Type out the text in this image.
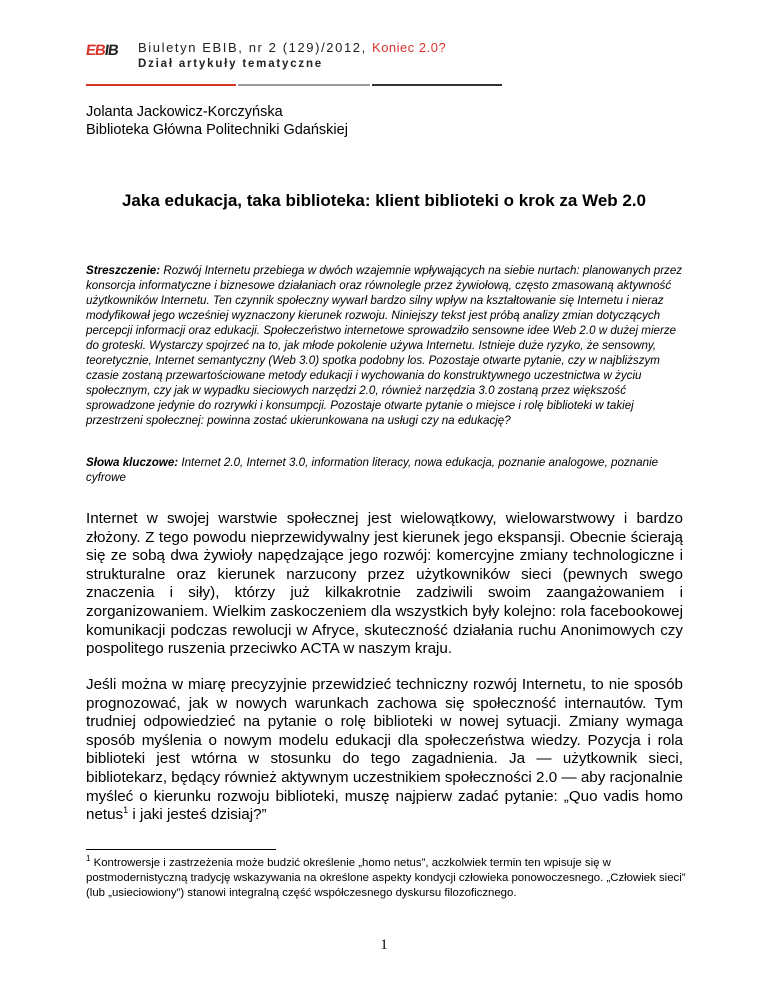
EBIB Biuletyn EBIB, nr 2 (129)/2012, Koniec 2.0?
Dział artykuły tematyczne
Jolanta Jackowicz-Korczyńska
Biblioteka Główna Politechniki Gdańskiej
Jaka edukacja, taka biblioteka: klient biblioteki o krok za Web 2.0
Streszczenie: Rozwój Internetu przebiega w dwóch wzajemnie wpływających na siebie nurtach: planowanych przez konsorcja informatyczne i biznesowe działaniach oraz równolegle przez żywiołową, często zmasowaną aktywność użytkowników Internetu. Ten czynnik społeczny wywarł bardzo silny wpływ na kształtowanie się Internetu i nieraz modyfikował jego wcześniej wyznaczony kierunek rozwoju. Niniejszy tekst jest próbą analizy zmian dotyczących percepcji informacji oraz edukacji. Społeczeństwo internetowe sprowadziło sensowne idee Web 2.0 w dużej mierze do groteski. Wystarczy spojrzeć na to, jak młode pokolenie używa Internetu. Istnieje duże ryzyko, że sensowny, teoretycznie, Internet semantyczny (Web 3.0) spotka podobny los. Pozostaje otwarte pytanie, czy w najbliższym czasie zostaną przewartościowane metody edukacji i wychowania do konstruktywnego uczestnictwa w życiu społecznym, czy jak w wypadku sieciowych narzędzi 2.0, również narzędzia 3.0 zostaną przez większość sprowadzone jedynie do rozrywki i konsumpcji. Pozostaje otwarte pytanie o miejsce i rolę biblioteki w takiej przestrzeni społecznej: powinna zostać ukierunkowana na usługi czy na edukację?
Słowa kluczowe: Internet 2.0, Internet 3.0, information literacy, nowa edukacja, poznanie analogowe, poznanie cyfrowe
Internet w swojej warstwie społecznej jest wielowątkowy, wielowarstwowy i bardzo złożony. Z tego powodu nieprzewidywalny jest kierunek jego ekspansji. Obecnie ścierają się ze sobą dwa żywioły napędzające jego rozwój: komercyjne zmiany technologiczne i strukturalne oraz kierunek narzucony przez użytkowników sieci (pewnych swego znaczenia i siły), którzy już kilkakrotnie zadziwili swoim zaangażowaniem i zorganizowaniem. Wielkim zaskoczeniem dla wszystkich były kolejno: rola facebookowej komunikacji podczas rewolucji w Afryce, skuteczność działania ruchu Anonimowych czy pospolitego ruszenia przeciwko ACTA w naszym kraju.
Jeśli można w miarę precyzyjnie przewidzieć techniczny rozwój Internetu, to nie sposób prognozować, jak w nowych warunkach zachowa się społeczność internautów. Tym trudniej odpowiedzieć na pytanie o rolę biblioteki w nowej sytuacji. Zmiany wymaga sposób myślenia o nowym modelu edukacji dla społeczeństwa wiedzy. Pozycja i rola biblioteki jest wtórna w stosunku do tego zagadnienia. Ja — użytkownik sieci, bibliotekarz, będący również aktywnym uczestnikiem społeczności 2.0 — aby racjonalnie myśleć o kierunku rozwoju biblioteki, muszę najpierw zadać pytanie: „Quo vadis homo netus$^1$ i jaki jesteś dzisiaj?”
$^1$ Kontrowersje i zastrzeżenia może budzić określenie „homo netus”, aczkolwiek termin ten wpisuje się w postmodernistyczną tradycję wskazywania na określone aspekty kondycji człowieka ponowoczesnego. „Człowiek sieci” (lub „usieciowiony”) stanowi integralną część współczesnego dyskursu filozoficznego.
1
